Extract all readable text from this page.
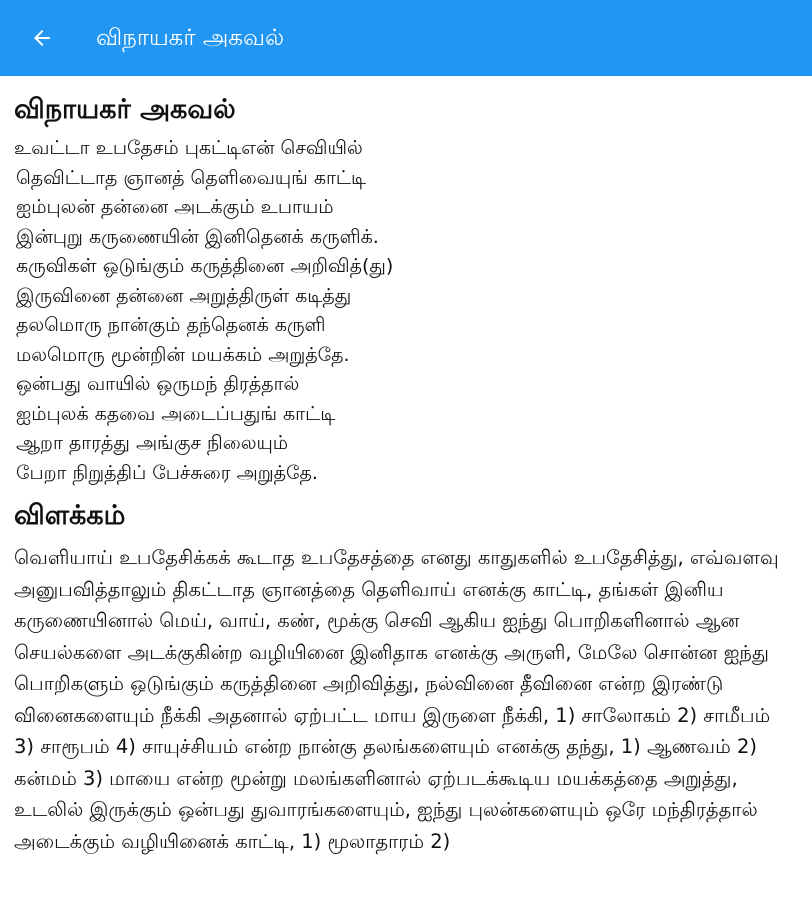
விநாயகர் அகவல்
விநாயகர் அகவல்
உவட்டா உபதேசம் புகட்டிஎன் செவியில்
தெவிட்டாத ஞானத் தெளிவையுங் காட்டி
ஐம்புலன் தன்னை அடக்கும் உபாயம்
இன்புறு கருணையின் இனிதெனக் கருளிக்.
கருவிகள் ஒடுங்கும் கருத்தினை அறிவித்(து)
இருவினை தன்னை அறுத்திருள் கடித்து
தலமொரு நான்கும் தந்தெனக் கருளி
மலமொரு மூன்றின் மயக்கம் அறுத்தே.
ஒன்பது வாயில் ஒருமந் திரத்தால்
ஐம்புலக் கதவை அடைப்பதுங் காட்டி
ஆறா தாரத்து அங்குச நிலையும்
பேறா நிறுத்திப் பேச்சுரை அறுத்தே.
விளக்கம்

வெளியாய் உபதேசிக்கக் கூடாத உபதேசத்தை எனது காதுகளில் உபதேசித்து, எவ்வளவு அனுபவித்தாலும் திகட்டாத ஞானத்தை தெளிவாய் எனக்கு காட்டி, தங்கள் இனிய கருணையினால் மெய், வாய், கண், மூக்கு செவி ஆகிய ஐந்து பொறிகளினால் ஆன செயல்களை அடக்குகின்ற வழியினை இனிதாக எனக்கு அருளி, மேலே சொன்ன ஐந்து பொறிகளும் ஒடுங்கும் கருத்தினை அறிவித்து, நல்வினை தீவினை என்ற இரண்டு வினைகளையும் நீக்கி அதனால் ஏற்பட்ட மாய இருளை நீக்கி, 1) சாலோகம் 2) சாமீபம் 3) சாரூபம் 4) சாயுச்சியம் என்ற நான்கு தலங்களையும் எனக்கு தந்து, 1) ஆணவம் 2) கன்மம் 3) மாயை என்ற மூன்று மலங்களினால் ஏற்படக்கூடிய மயக்கத்தை அறுத்து, உடலில் இருக்கும் ஒன்பது துவாரங்களையும், ஐந்து புலன்களையும் ஒரே மந்திரத்தால் அடைக்கும் வழியினைக் காட்டி, 1) மூலாதாரம் 2)
